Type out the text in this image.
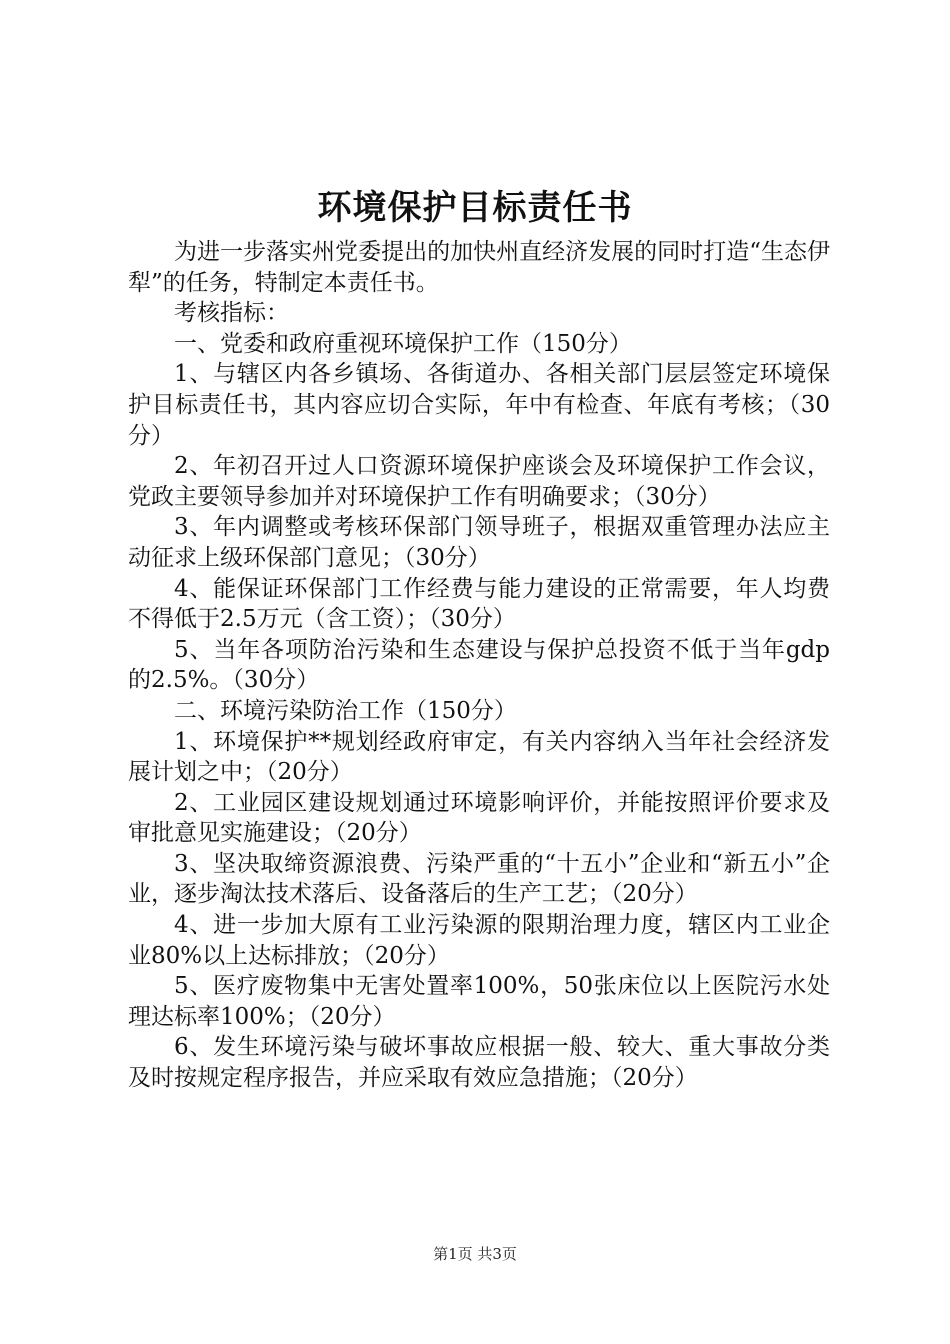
环境保护目标责任书

为进一步落实州党委提出的加快州直经济发展的同时打造“生态伊犁”的任务，特制定本责任书。

考核指标：

一、党委和政府重视环境保护工作（150分）

1、与辖区内各乡镇场、各街道办、各相关部门层层签定环境保护目标责任书，其内容应切合实际，年中有检查、年底有考核；（30分）

2、年初召开过人口资源环境保护座谈会及环境保护工作会议，党政主要领导参加并对环境保护工作有明确要求；（30分）

3、年内调整或考核环保部门领导班子，根据双重管理办法应主动征求上级环保部门意见；（30分）

4、能保证环保部门工作经费与能力建设的正常需要，年人均费不得低于2.5万元（含工资）；（30分）

5、当年各项防治污染和生态建设与保护总投资不低于当年gdp的2.5%。（30分）

二、环境污染防治工作（150分）

1、环境保护**规划经政府审定，有关内容纳入当年社会经济发展计划之中；（20分）

2、工业园区建设规划通过环境影响评价，并能按照评价要求及审批意见实施建设；（20分）

3、坚决取缔资源浪费、污染严重的“十五小”企业和“新五小”企业，逐步淘汰技术落后、设备落后的生产工艺；（20分）

4、进一步加大原有工业污染源的限期治理力度，辖区内工业企业80%以上达标排放；（20分）

5、医疗废物集中无害处置率100%，50张床位以上医院污水处理达标率100%；（20分）

6、发生环境污染与破坏事故应根据一般、较大、重大事故分类及时按规定程序报告，并应采取有效应急措施；（20分）

第1页 共3页
